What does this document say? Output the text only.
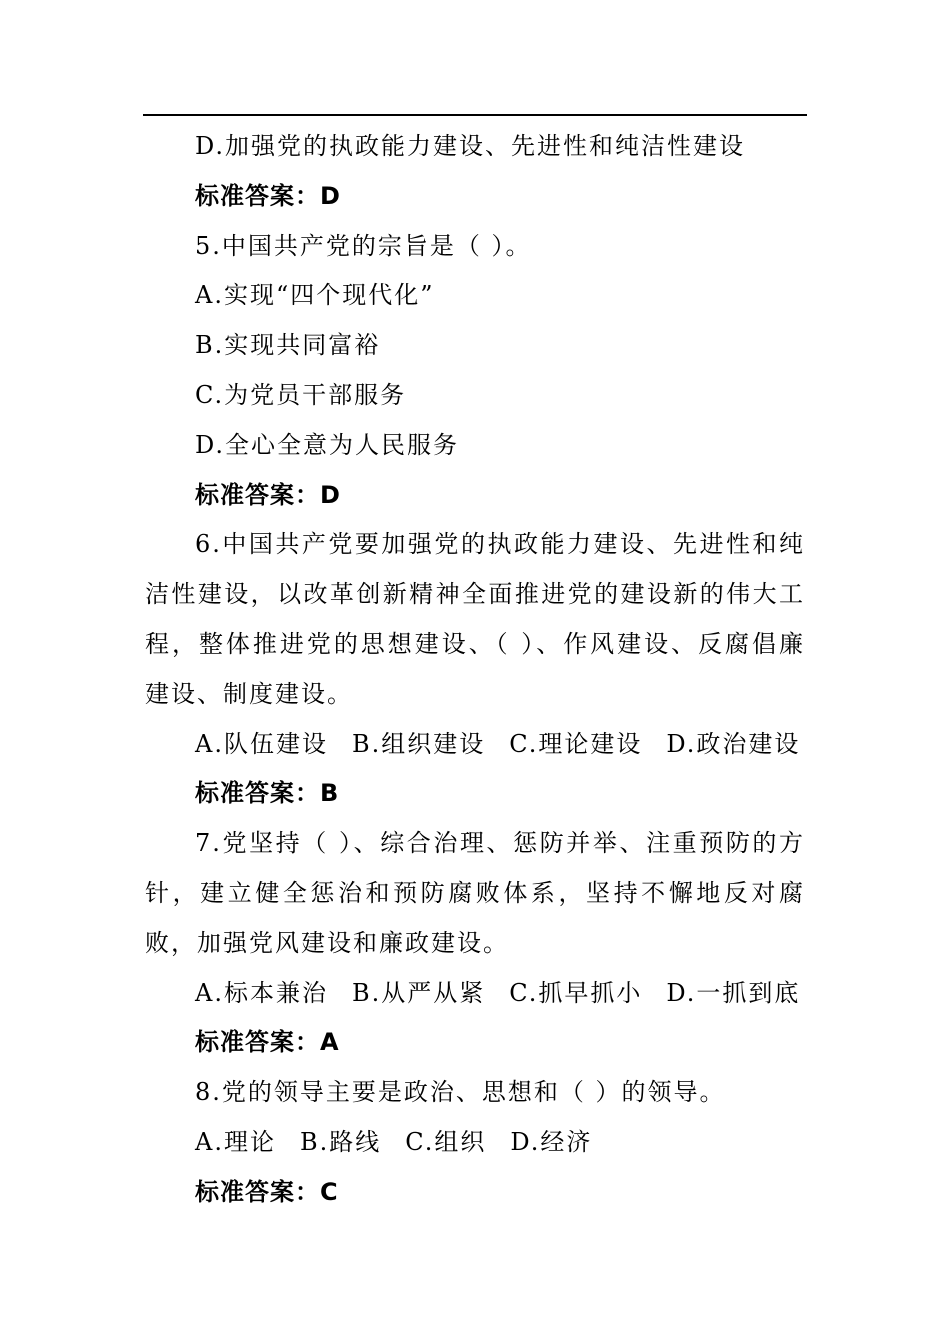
D.加强党的执政能力建设、先进性和纯洁性建设
标准答案：D
5.中国共产党的宗旨是（ ）。
A.实现“四个现代化”
B.实现共同富裕
C.为党员干部服务
D.全心全意为人民服务
标准答案：D
6.中国共产党要加强党的执政能力建设、先进性和纯洁性建设，以改革创新精神全面推进党的建设新的伟大工程，整体推进党的思想建设、（ ）、作风建设、反腐倡廉建设、制度建设。
A.队伍建设 B.组织建设 C.理论建设 D.政治建设
标准答案：B
7.党坚持（ ）、综合治理、惩防并举、注重预防的方针，建立健全惩治和预防腐败体系，坚持不懈地反对腐败，加强党风建设和廉政建设。
A.标本兼治 B.从严从紧 C.抓早抓小 D.一抓到底
标准答案：A
8.党的领导主要是政治、思想和（ ）的领导。
A.理论 B.路线 C.组织 D.经济
标准答案：C
